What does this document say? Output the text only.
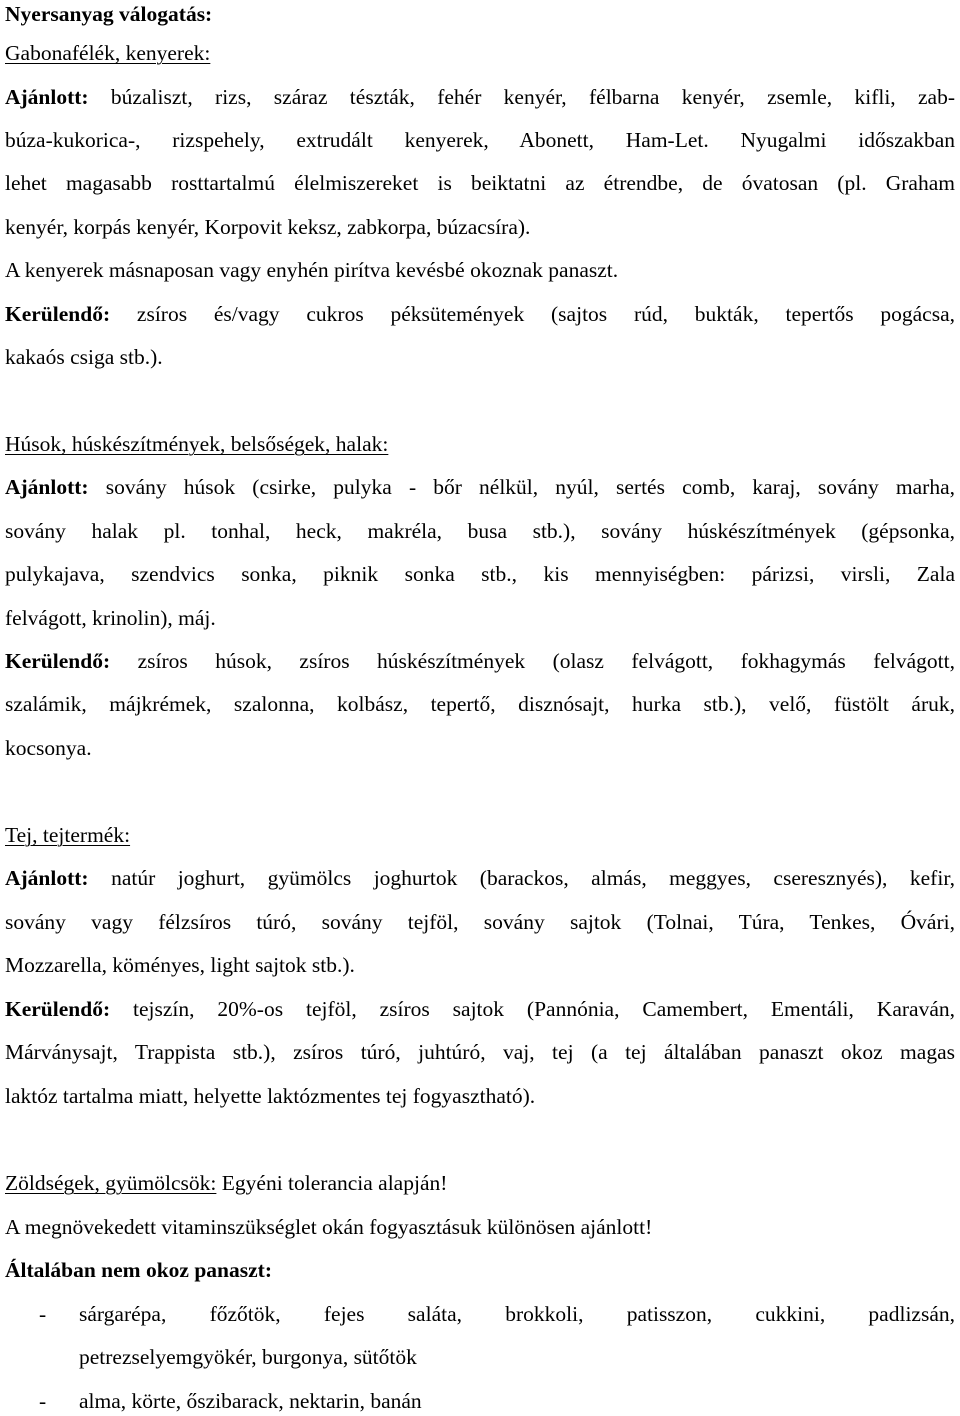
Nyersanyag válogatás:
Gabonafélék, kenyerek:
Ajánlott: búzaliszt, rizs, száraz tészták, fehér kenyér, félbarna kenyér, zsemle, kifli, zab-
búza-kukorica-, rizspehely, extrudált kenyerek, Abonett, Ham-Let. Nyugalmi időszakban
lehet magasabb rosttartalmú élelmiszereket is beiktatni az étrendbe, de óvatosan (pl. Graham
kenyér, korpás kenyér, Korpovit keksz, zabkorpa, búzacsíra).
A kenyerek másnaposan vagy enyhén pirítva kevésbé okoznak panaszt.
Kerülendő: zsíros és/vagy cukros péksütemények (sajtos rúd, bukták, tepertős pogácsa,
kakaós csiga stb.).
Húsok, húskészítmények, belsőségek, halak:
Ajánlott: sovány húsok (csirke, pulyka - bőr nélkül, nyúl, sertés comb, karaj, sovány marha,
sovány halak pl. tonhal, heck, makréla, busa stb.), sovány húskészítmények (gépsonka,
pulykajava, szendvics sonka, piknik sonka stb., kis mennyiségben: párizsi, virsli, Zala
felvágott, krinolin), máj.
Kerülendő: zsíros húsok, zsíros húskészítmények (olasz felvágott, fokhagymás felvágott,
szalámik, májkrémek, szalonna, kolbász, tepertő, disznósajt, hurka stb.), velő, füstölt áruk,
kocsonya.
Tej, tejtermék:
Ajánlott: natúr joghurt, gyümölcs joghurtok (barackos, almás, meggyes, cseresznyés), kefir,
sovány vagy félzsíros túró, sovány tejföl, sovány sajtok (Tolnai, Túra, Tenkes, Óvári,
Mozzarella, köményes, light sajtok stb.).
Kerülendő: tejszín, 20%-os tejföl, zsíros sajtok (Pannónia, Camembert, Ementáli, Karaván,
Márványsajt, Trappista stb.), zsíros túró, juhtúró, vaj, tej (a tej általában panaszt okoz magas
laktóz tartalma miatt, helyette laktózmentes tej fogyasztható).
Zöldségek, gyümölcsök: Egyéni tolerancia alapján!
A megnövekedett vitaminszükséglet okán fogyasztásuk különösen ajánlott!
Általában nem okoz panaszt:
-	sárgarépa, főzőtök, fejes saláta, brokkoli, patisszon, cukkini, padlizsán,
petrezselyemgyökér, burgonya, sütőtök
-	alma, körte, őszibarack, nektarin, banán
